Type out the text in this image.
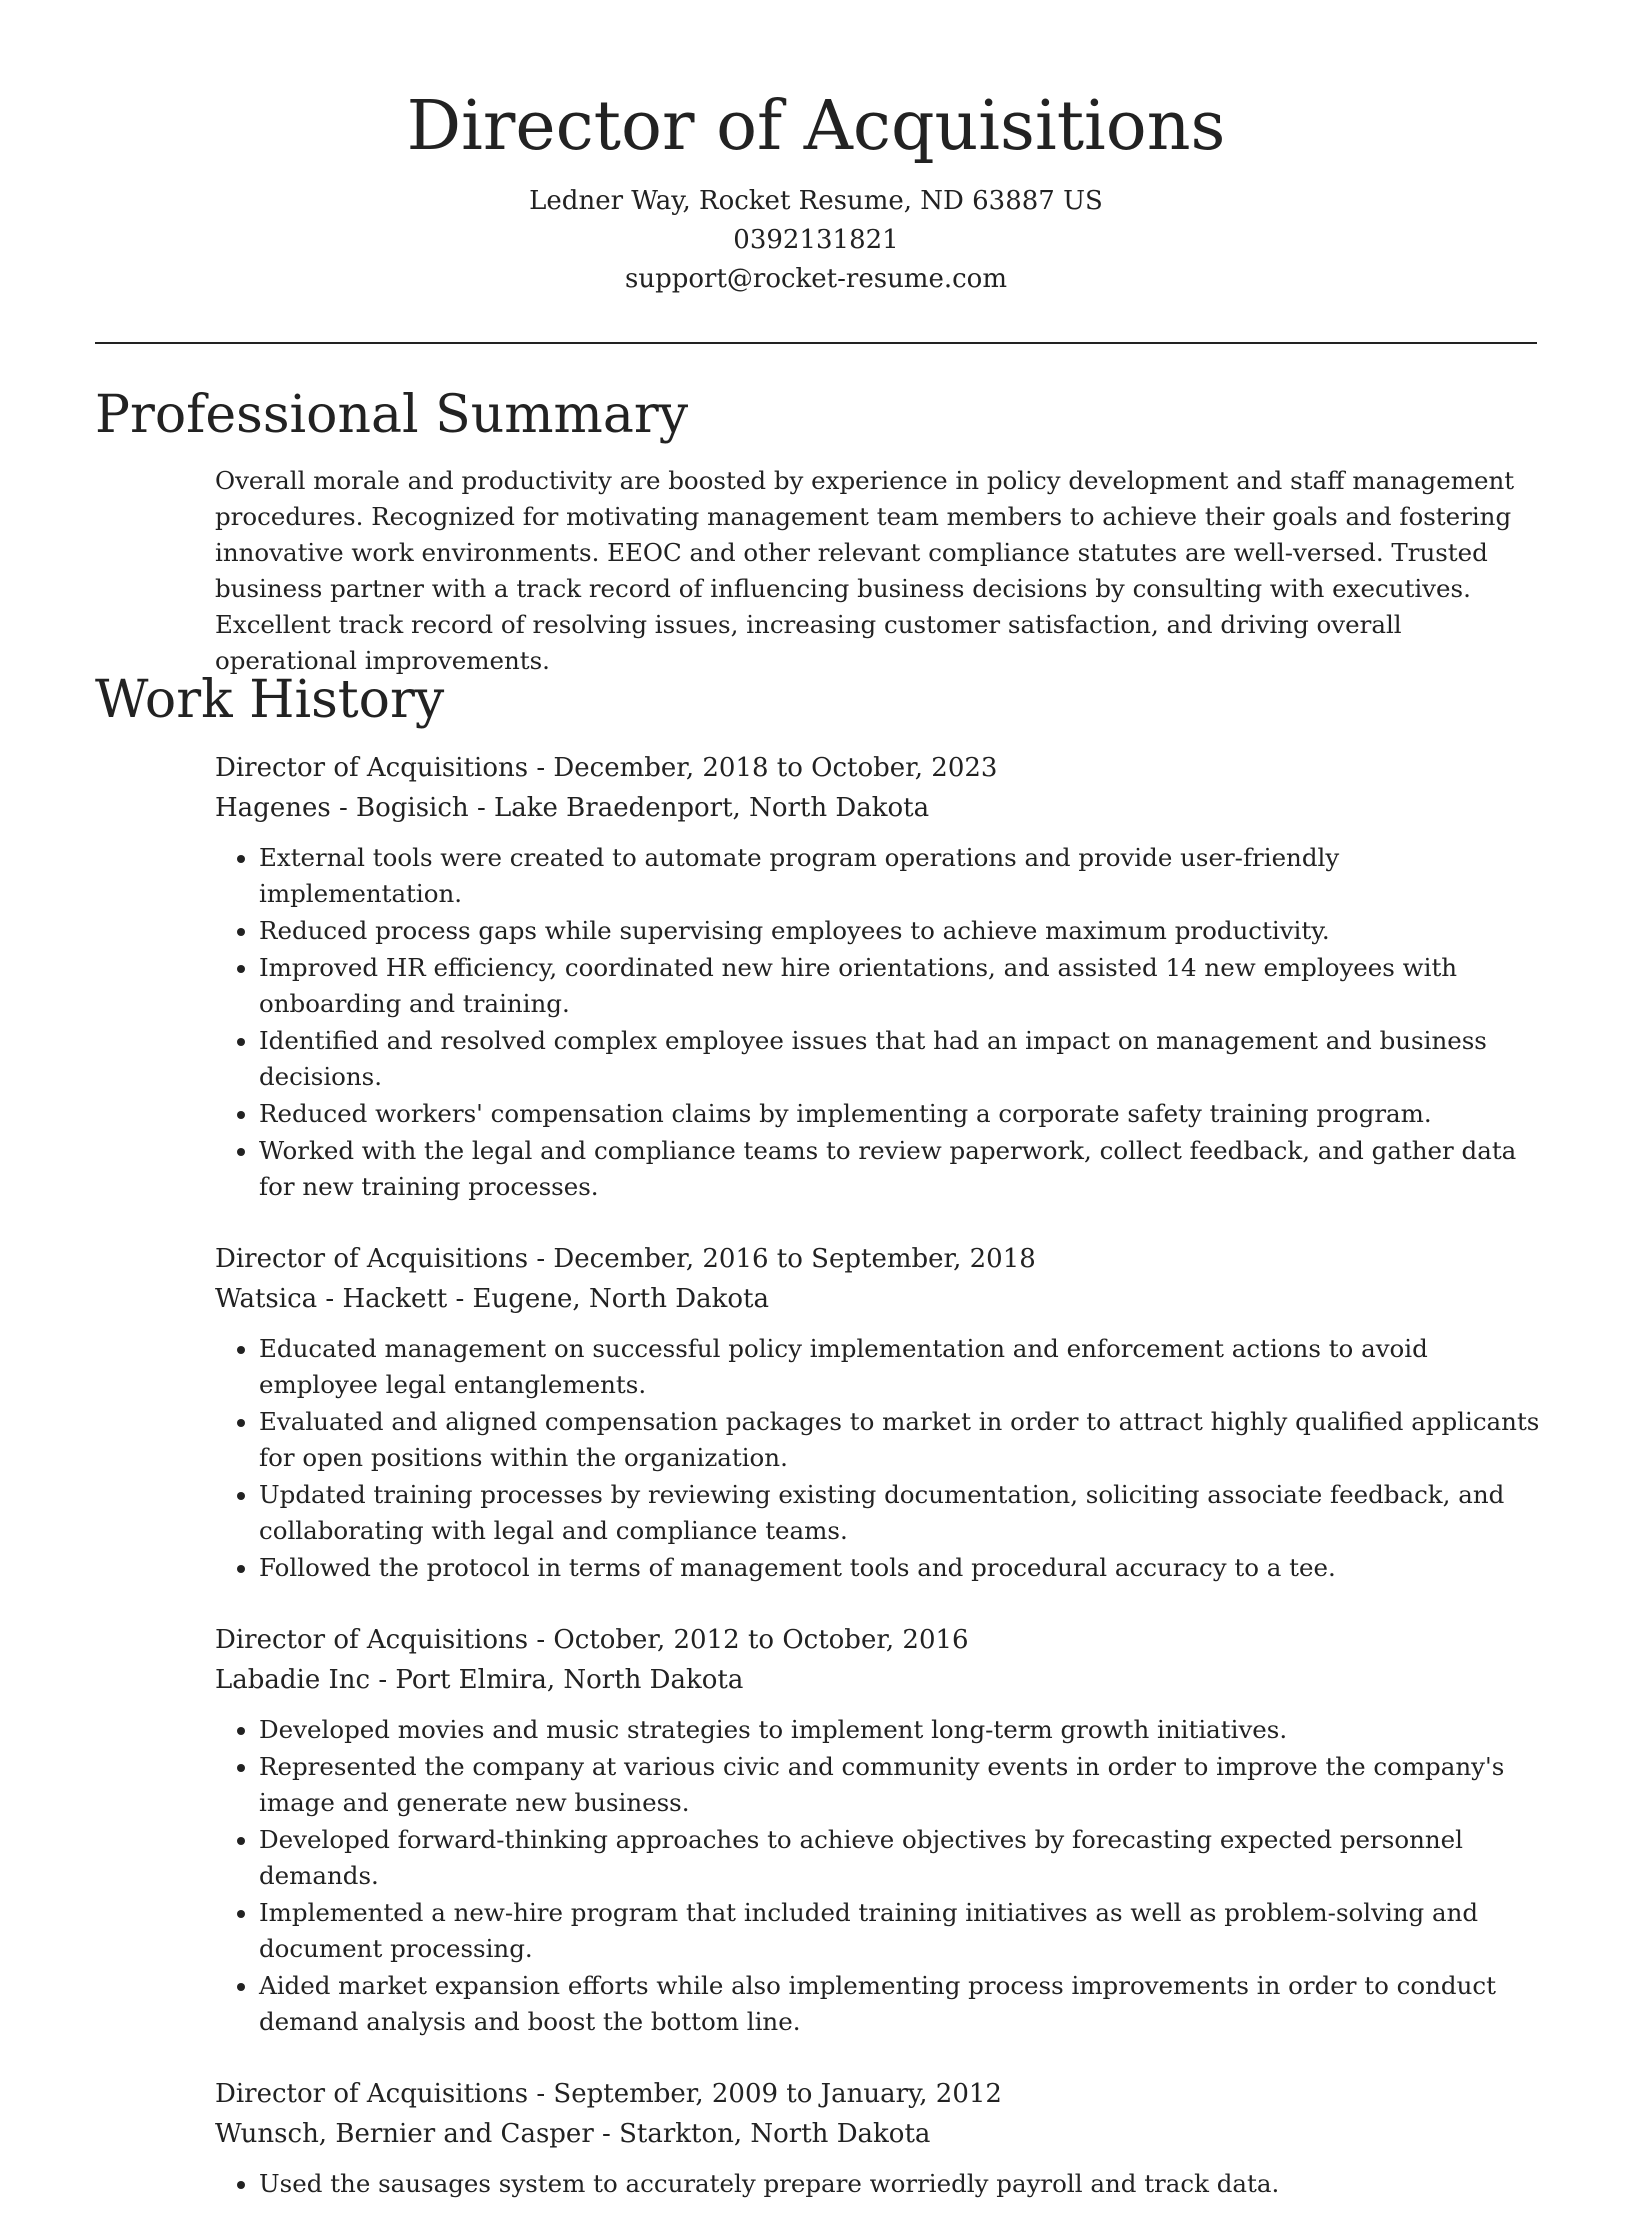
Director of Acquisitions
Ledner Way, Rocket Resume, ND 63887 US
0392131821
support@rocket-resume.com
Professional Summary

Overall morale and productivity are boosted by experience in policy development and staff management procedures. Recognized for motivating management team members to achieve their goals and fostering innovative work environments. EEOC and other relevant compliance statutes are well-versed. Trusted business partner with a track record of influencing business decisions by consulting with executives. Excellent track record of resolving issues, increasing customer satisfaction, and driving overall operational improvements.

Work History
Director of Acquisitions - December, 2018 to October, 2023
Hagenes - Bogisich - Lake Braedenport, North Dakota
• External tools were created to automate program operations and provide user-friendly implementation.
• Reduced process gaps while supervising employees to achieve maximum productivity.
• Improved HR efficiency, coordinated new hire orientations, and assisted 14 new employees with onboarding and training.
• Identified and resolved complex employee issues that had an impact on management and business decisions.
• Reduced workers' compensation claims by implementing a corporate safety training program.
• Worked with the legal and compliance teams to review paperwork, collect feedback, and gather data for new training processes.
Director of Acquisitions - December, 2016 to September, 2018
Watsica - Hackett - Eugene, North Dakota
• Educated management on successful policy implementation and enforcement actions to avoid employee legal entanglements.
• Evaluated and aligned compensation packages to market in order to attract highly qualified applicants for open positions within the organization.
• Updated training processes by reviewing existing documentation, soliciting associate feedback, and collaborating with legal and compliance teams.
• Followed the protocol in terms of management tools and procedural accuracy to a tee.
Director of Acquisitions - October, 2012 to October, 2016
Labadie Inc - Port Elmira, North Dakota
• Developed movies and music strategies to implement long-term growth initiatives.
• Represented the company at various civic and community events in order to improve the company's image and generate new business.
• Developed forward-thinking approaches to achieve objectives by forecasting expected personnel demands.
• Implemented a new-hire program that included training initiatives as well as problem-solving and document processing.
• Aided market expansion efforts while also implementing process improvements in order to conduct demand analysis and boost the bottom line.
Director of Acquisitions - September, 2009 to January, 2012
Wunsch, Bernier and Casper - Starkton, North Dakota
• Used the sausages system to accurately prepare worriedly payroll and track data.
